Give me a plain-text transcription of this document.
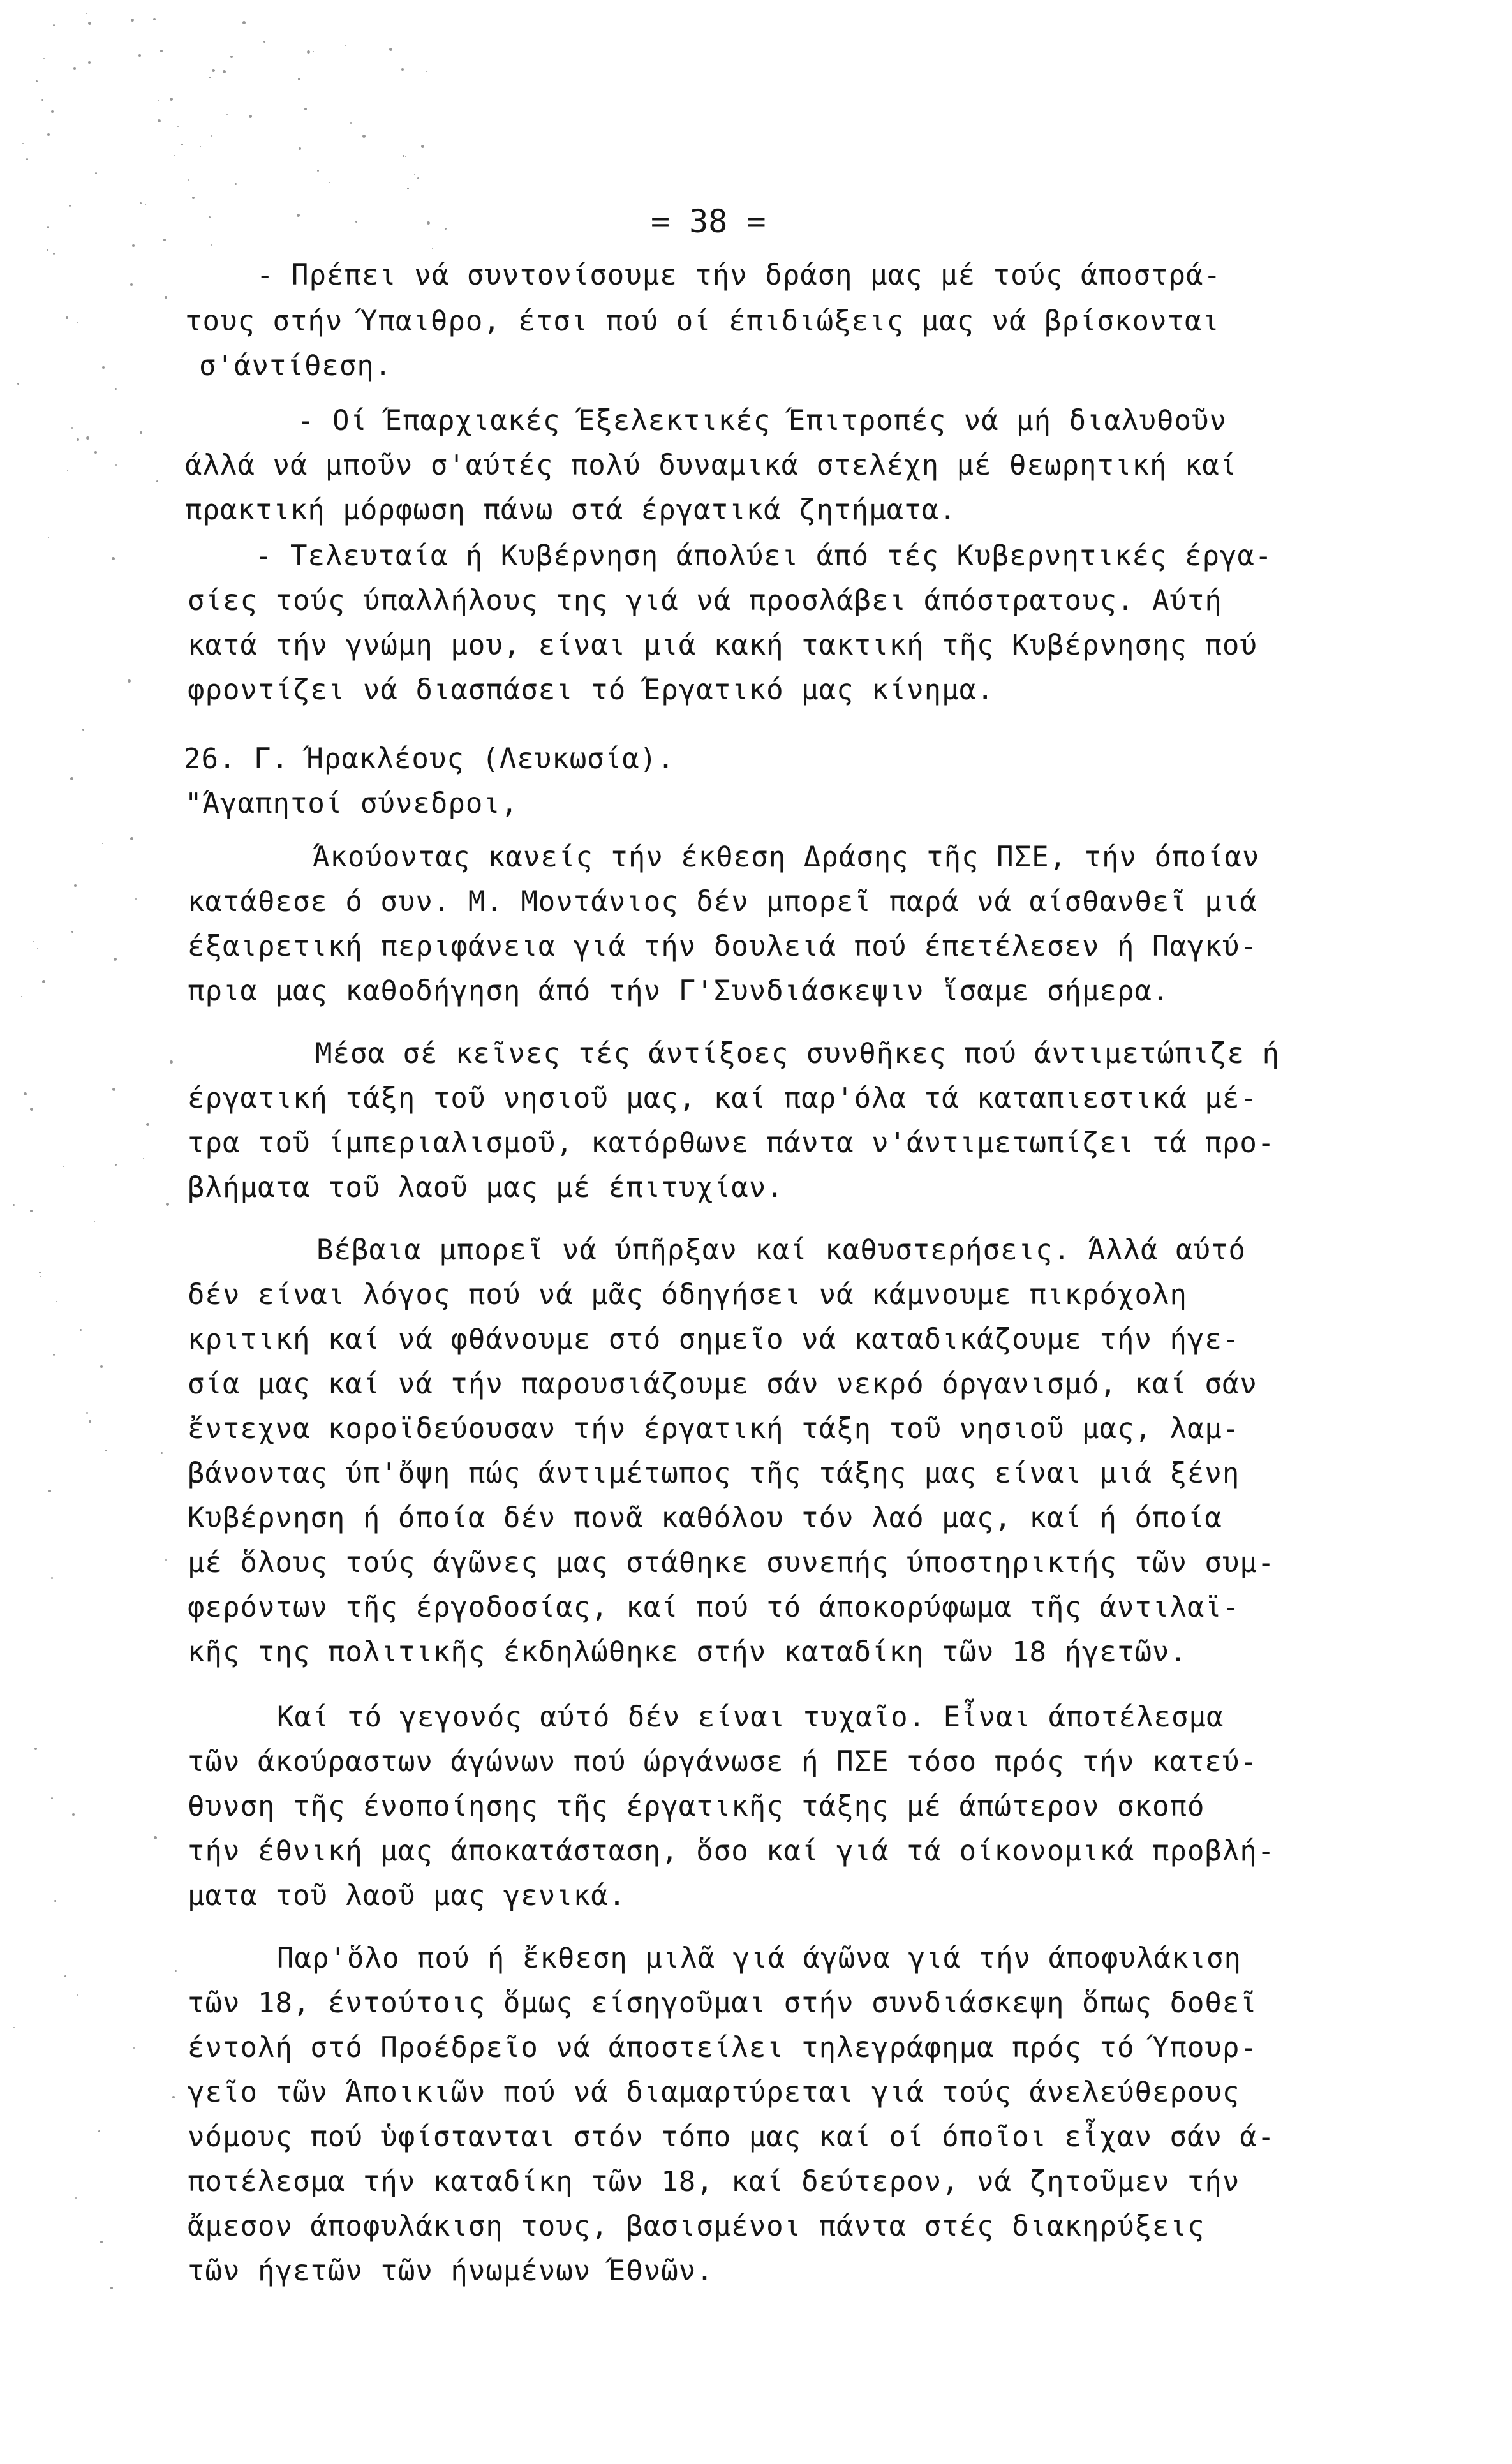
= 38 =
- Πρέπει νά συντονίσουμε τήν δράση μας μέ τούς άποστρά-
τους στήν Ύπαιθρο, έτσι πού οί έπιδιώξεις μας νά βρίσκονται
σ'άντίθεση.
- Οί Έπαρχιακές Έξελεκτικές Έπιτροπές νά μή διαλυθοῦν
άλλά νά μποῦν σ'αύτές πολύ δυναμικά στελέχη μέ θεωρητική καί
πρακτική μόρφωση πάνω στά έργατικά ζητήματα.
- Τελευταία ή Κυβέρνηση άπολύει άπό τές Κυβερνητικές έργα-
σίες τούς ύπαλλήλους της γιά νά προσλάβει άπόστρατους. Αύτή
κατά τήν γνώμη μου, είναι μιά κακή τακτική τῆς Κυβέρνησης πού
φροντίζει νά διασπάσει τό Έργατικό μας κίνημα.
26. Γ. Ήρακλέους (Λευκωσία).
"Άγαπητοί σύνεδροι,
Άκούοντας κανείς τήν έκθεση Δράσης τῆς ΠΣΕ, τήν όποίαν
κατάθεσε ό συν. Μ. Μοντάνιος δέν μπορεῖ παρά νά αίσθανθεῖ μιά
έξαιρετική περιφάνεια γιά τήν δουλειά πού έπετέλεσεν ή Παγκύ-
πρια μας καθοδήγηση άπό τήν Γ'Συνδιάσκεψιν ἵσαμε σήμερα.
Μέσα σέ κεῖνες τές άντίξοες συνθῆκες πού άντιμετώπιζε ή
έργατική τάξη τοῦ νησιοῦ μας, καί παρ'όλα τά καταπιεστικά μέ-
τρα τοῦ ίμπεριαλισμοῦ, κατόρθωνε πάντα ν'άντιμετωπίζει τά προ-
βλήματα τοῦ λαοῦ μας μέ έπιτυχίαν.
Βέβαια μπορεῖ νά ύπῆρξαν καί καθυστερήσεις. Άλλά αύτό
δέν είναι λόγος πού νά μᾶς όδηγήσει νά κάμνουμε πικρόχολη
κριτική καί νά φθάνουμε στό σημεῖο νά καταδικάζουμε τήν ήγε-
σία μας καί νά τήν παρουσιάζουμε σάν νεκρό όργανισμό, καί σάν
ἔντεχνα κοροϊδεύουσαν τήν έργατική τάξη τοῦ νησιοῦ μας, λαμ-
βάνοντας ύπ'ὄψη πώς άντιμέτωπος τῆς τάξης μας είναι μιά ξένη
Κυβέρνηση ή όποία δέν πονᾶ καθόλου τόν λαό μας, καί ή όποία
μέ ὅλους τούς άγῶνες μας στάθηκε συνεπής ύποστηρικτής τῶν συμ-
φερόντων τῆς έργοδοσίας, καί πού τό άποκορύφωμα τῆς άντιλαϊ-
κῆς της πολιτικῆς έκδηλώθηκε στήν καταδίκη τῶν 18 ήγετῶν.
Καί τό γεγονός αύτό δέν είναι τυχαῖο. Εἶναι άποτέλεσμα
τῶν άκούραστων άγώνων πού ώργάνωσε ή ΠΣΕ τόσο πρός τήν κατεύ-
θυνση τῆς ένοποίησης τῆς έργατικῆς τάξης μέ άπώτερον σκοπό
τήν έθνική μας άποκατάσταση, ὅσο καί γιά τά οίκονομικά προβλή-
ματα τοῦ λαοῦ μας γενικά.
Παρ'ὅλο πού ή ἔκθεση μιλᾶ γιά άγῶνα γιά τήν άποφυλάκιση
τῶν 18, έντούτοις ὅμως είσηγοῦμαι στήν συνδιάσκεψη ὅπως δοθεῖ
έντολή στό Προέδρεῖο νά άποστείλει τηλεγράφημα πρός τό Ύπουρ-
γεῖο τῶν Άποικιῶν πού νά διαμαρτύρεται γιά τούς άνελεύθερους
νόμους πού ὑφίστανται στόν τόπο μας καί οί όποῖοι εἶχαν σάν ά-
ποτέλεσμα τήν καταδίκη τῶν 18, καί δεύτερον, νά ζητοῦμεν τήν
ἄμεσον άποφυλάκιση τους, βασισμένοι πάντα στές διακηρύξεις
τῶν ήγετῶν τῶν ήνωμένων Έθνῶν.
